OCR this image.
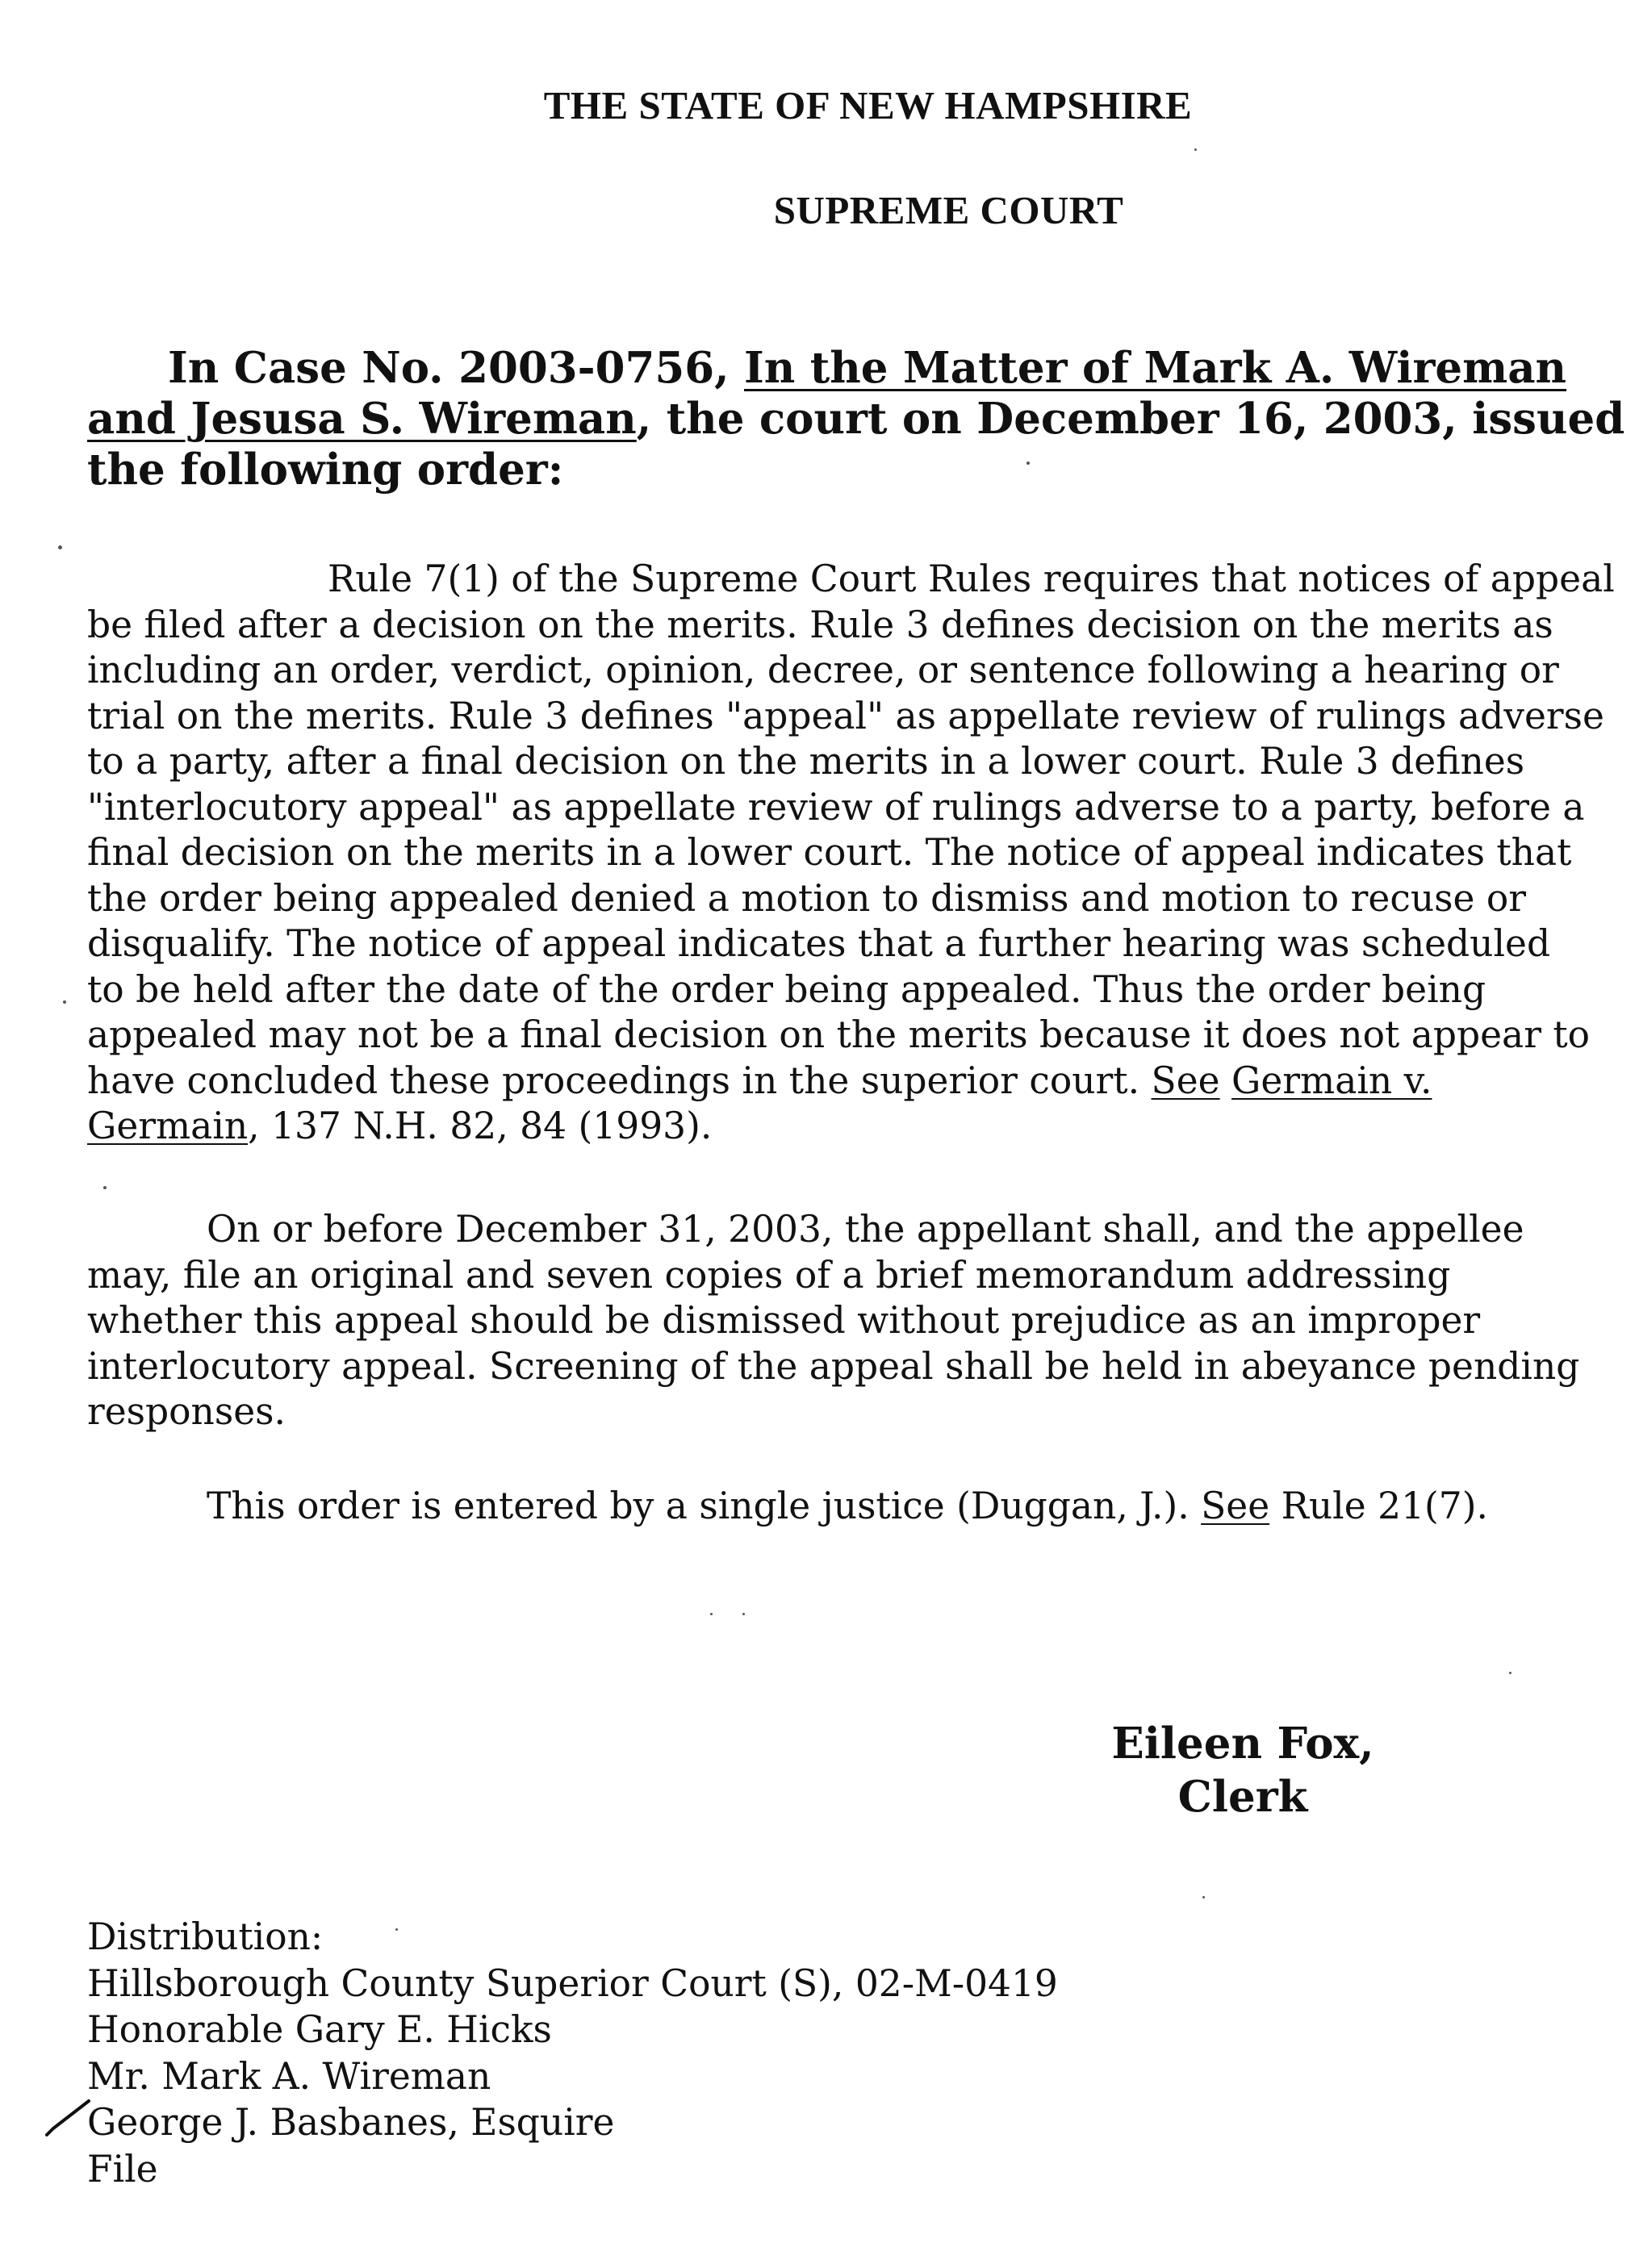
THE STATE OF NEW HAMPSHIRE
SUPREME COURT
In Case No. 2003-0756, In the Matter of Mark A. Wireman
and Jesusa S. Wireman, the court on December 16, 2003, issued
the following order:
Rule 7(1) of the Supreme Court Rules requires that notices of appeal
be filed after a decision on the merits. Rule 3 defines decision on the merits as
including an order, verdict, opinion, decree, or sentence following a hearing or
trial on the merits. Rule 3 defines "appeal" as appellate review of rulings adverse
to a party, after a final decision on the merits in a lower court. Rule 3 defines
"interlocutory appeal" as appellate review of rulings adverse to a party, before a
final decision on the merits in a lower court. The notice of appeal indicates that
the order being appealed denied a motion to dismiss and motion to recuse or
disqualify. The notice of appeal indicates that a further hearing was scheduled
to be held after the date of the order being appealed. Thus the order being
appealed may not be a final decision on the merits because it does not appear to
have concluded these proceedings in the superior court. See Germain v.
Germain, 137 N.H. 82, 84 (1993).
On or before December 31, 2003, the appellant shall, and the appellee
may, file an original and seven copies of a brief memorandum addressing
whether this appeal should be dismissed without prejudice as an improper
interlocutory appeal. Screening of the appeal shall be held in abeyance pending
responses.
This order is entered by a single justice (Duggan, J.). See Rule 21(7).
Eileen Fox,
Clerk
Distribution:
Hillsborough County Superior Court (S), 02-M-0419
Honorable Gary E. Hicks
Mr. Mark A. Wireman
George J. Basbanes, Esquire
File
